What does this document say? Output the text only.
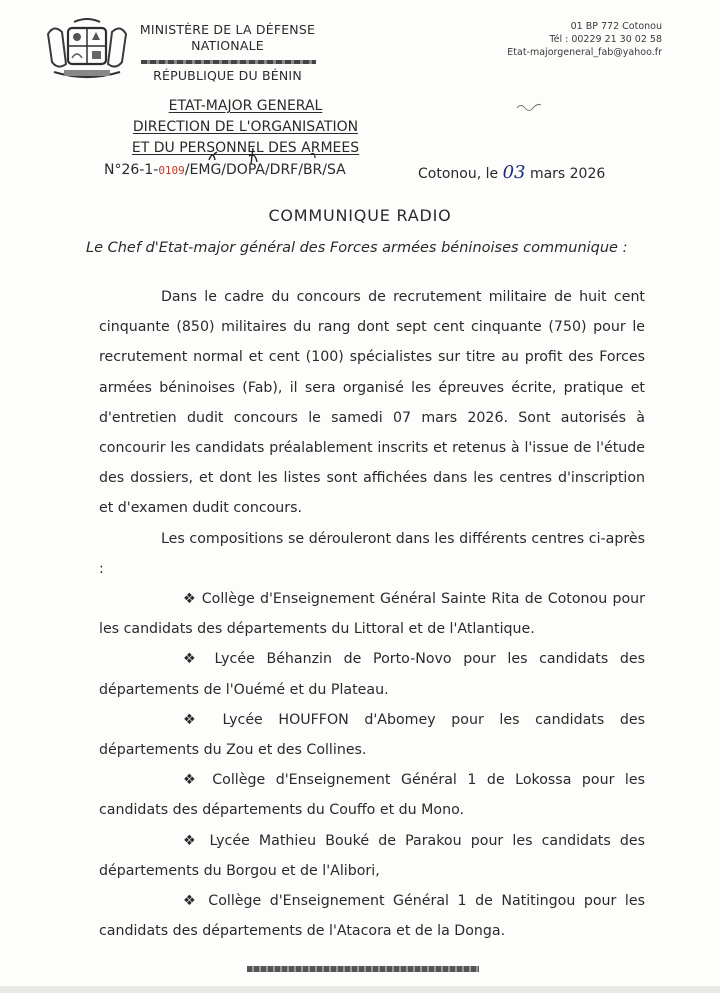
MINISTÈRE DE LA DÉFENSE
NATIONALE
RÉPUBLIQUE DU BÉNIN
01 BP 772 Cotonou
Tél : 00229 21 30 02 58
Etat-majorgeneral_fab@yahoo.fr
ETAT-MAJOR GENERAL
DIRECTION DE L'ORGANISATION
ET DU PERSONNEL DES ARMEES
N°26-1-0109/EMG/DOPA/DRF/BR/SA	Cotonou, le 03 mars 2026
COMMUNIQUE RADIO
Le Chef d'Etat-major général des Forces armées béninoises communique :

Dans le cadre du concours de recrutement militaire de huit cent cinquante (850) militaires du rang dont sept cent cinquante (750) pour le recrutement normal et cent (100) spécialistes sur titre au profit des Forces armées béninoises (Fab), il sera organisé les épreuves écrite, pratique et d'entretien dudit concours le samedi 07 mars 2026. Sont autorisés à concourir les candidats préalablement inscrits et retenus à l'issue de l'étude des dossiers, et dont les listes sont affichées dans les centres d'inscription et d'examen dudit concours.

Les compositions se dérouleront dans les différents centres ci-après :

❖ Collège d'Enseignement Général Sainte Rita de Cotonou pour les candidats des départements du Littoral et de l'Atlantique.

❖ Lycée Béhanzin de Porto-Novo pour les candidats des départements de l'Ouémé et du Plateau.

❖ Lycée HOUFFON d'Abomey pour les candidats des départements du Zou et des Collines.

❖ Collège d'Enseignement Général 1 de Lokossa pour les candidats des départements du Couffo et du Mono.

❖ Lycée Mathieu Bouké de Parakou pour les candidats des départements du Borgou et de l'Alibori,

❖ Collège d'Enseignement Général 1 de Natitingou pour les candidats des départements de l'Atacora et de la Donga.
